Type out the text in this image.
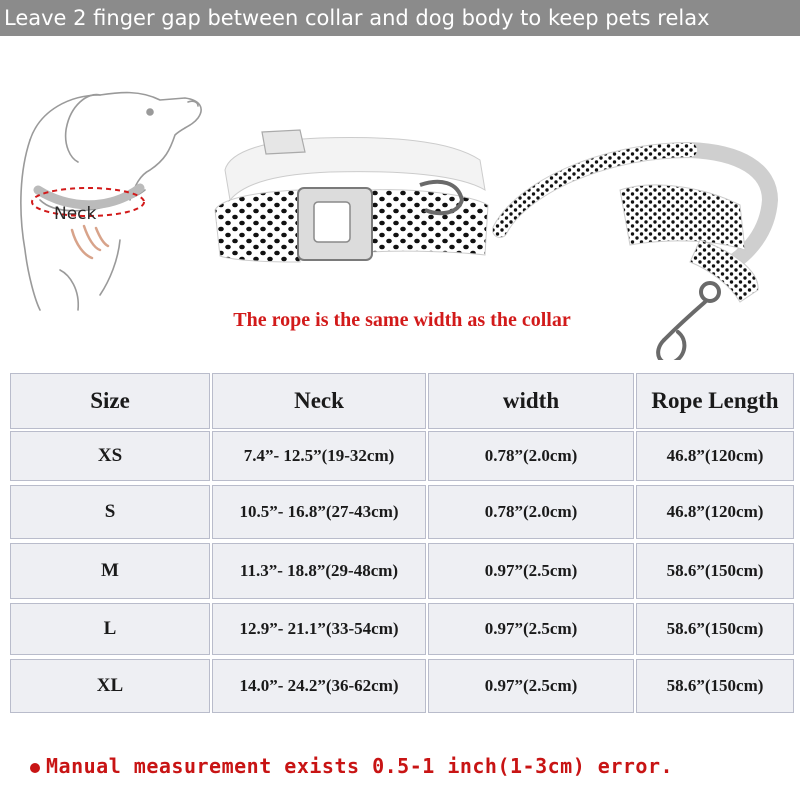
Leave 2 finger gap between collar and dog body to keep pets relax
Neck
The rope is the same width as the collar
Size	Neck	width	Rope Length
XS	7.4”- 12.5”(19-32cm)	0.78”(2.0cm)	46.8”(120cm)
S	10.5”- 16.8”(27-43cm)	0.78”(2.0cm)	46.8”(120cm)
M	11.3”- 18.8”(29-48cm)	0.97”(2.5cm)	58.6”(150cm)
L	12.9”- 21.1”(33-54cm)	0.97”(2.5cm)	58.6”(150cm)
XL	14.0”- 24.2”(36-62cm)	0.97”(2.5cm)	58.6”(150cm)
Manual measurement exists 0.5-1 inch(1-3cm) error.
